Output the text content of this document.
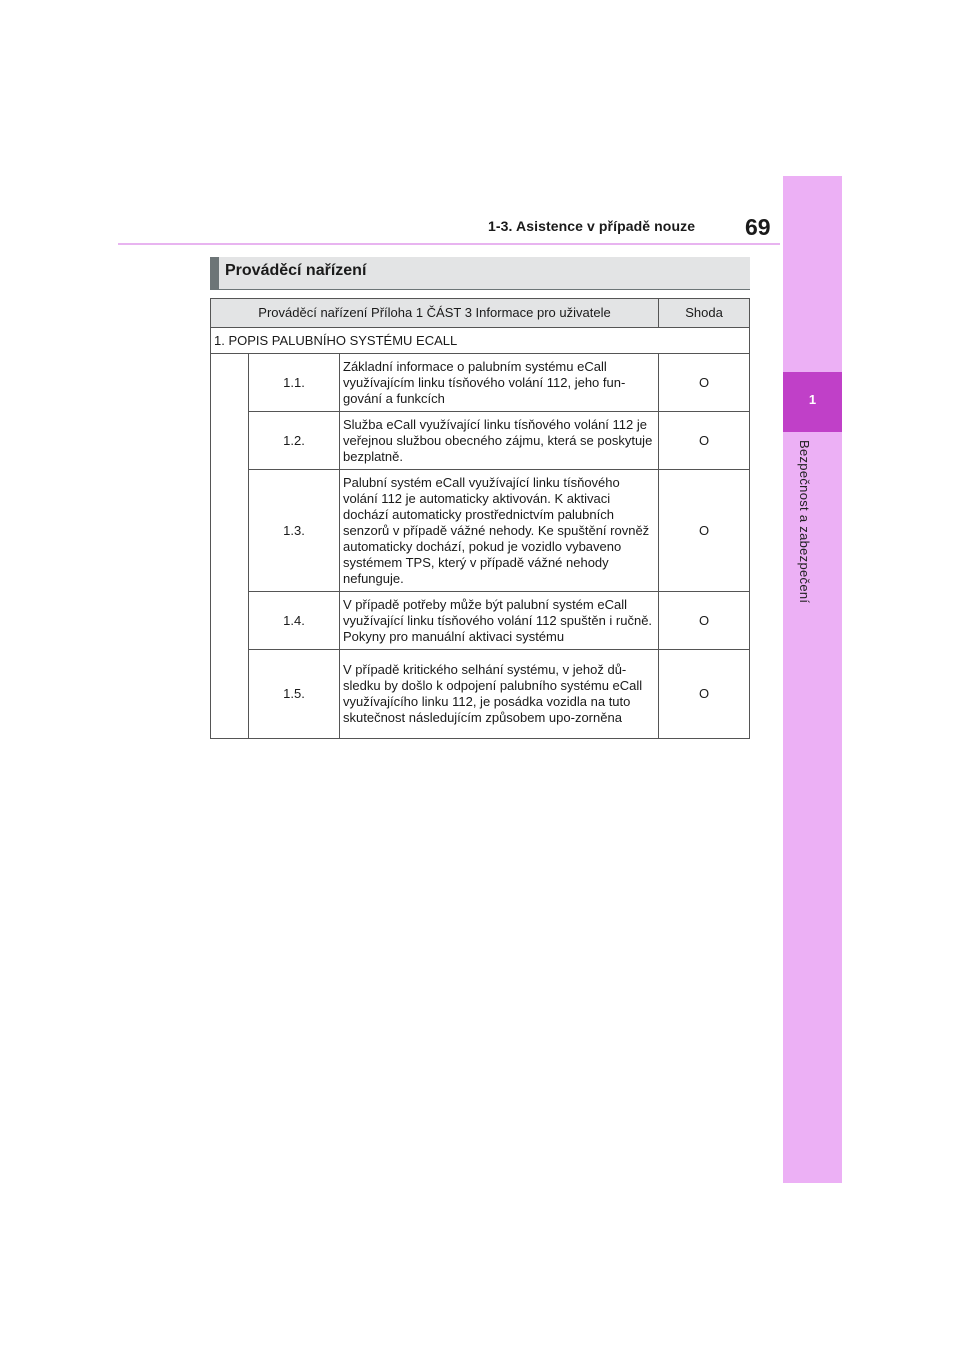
1-3. Asistence v případě nouze 69
1
Bezpečnost a zabezpečení
Prováděcí nařízení
Prováděcí nařízení Příloha 1 ČÁST 3 Informace pro uživatele			Shoda
1. POPIS PALUBNÍHO SYSTÉMU ECALL			
	1.1.	Základní informace o palubním systému eCall využívajícím linku tísňového volání 112, jeho fun-gování a funkcích	O
	1.2.	Služba eCall využívající linku tísňového volání 112 je veřejnou službou obecného zájmu, která se poskytuje bezplatně.	O
	1.3.	Palubní systém eCall využívající linku tísňového volání 112 je automaticky aktivován. K aktivaci dochází automaticky prostřednictvím palubních senzorů v případě vážné nehody. Ke spuštění rovněž automaticky dochází, pokud je vozidlo vybaveno systémem TPS, který v případě vážné nehody nefunguje.	O
	1.4.	V případě potřeby může být palubní systém eCall využívající linku tísňového volání 112 spuštěn i ručně. Pokyny pro manuální aktivaci systému	O
	1.5.	V případě kritického selhání systému, v jehož dů-sledku by došlo k odpojení palubního systému eCall využívajícího linku 112, je posádka vozidla na tuto skutečnost následujícím způsobem upo-zorněna	O
